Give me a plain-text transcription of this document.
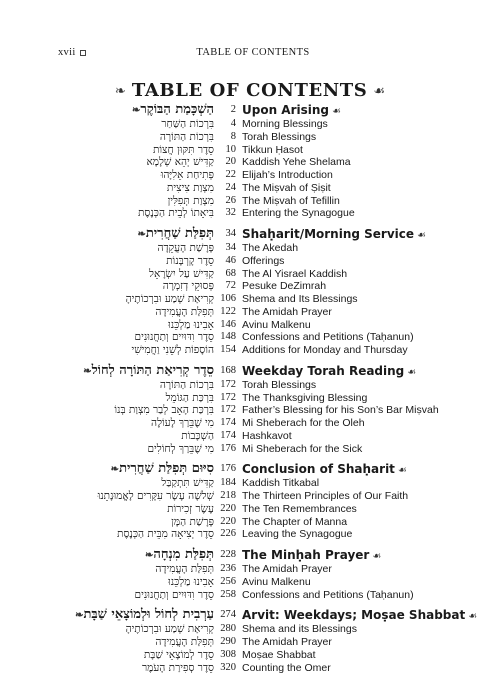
xvii	TABLE OF CONTENTS
❧ TABLE OF CONTENTS ☙
הַשְׁכָּמַת הַבּוֹקֶר❧	2 Upon Arising ☙
בִּרְכוֹת הַשַּׁחַר 4 Morning Blessings
בִּרְכוֹת הַתּוֹרָה 8 Torah Blessings
סֵדֶר תִּקּוּן חֲצוֹת 10 Tikkun Ḥasot
קַדִּישׁ יְהֵא שְׁלָמָא 20 Kaddish Yehe Shelama
פְּתִיחַת אֵלִיָּהוּ 22 Elijah’s Introduction
מִצְוַת צִיצִית 24 The Miṣvah of Ṣiṣit
מִצְוַת תְּפִלִּין 26 The Miṣvah of Tefillin
בִּיאָתוֹ לְבֵית הַכְּנֶסֶת 32 Entering the Synagogue
תְּפִלַּת שַׁחֲרִית❧	34 Shaḥarit/Morning Service ☙
פָּרָשַׁת הָעֲקֵדָה 34 The Akedah
סֵדֶר קָרְבָּנוֹת 46 Offerings
קַדִּישׁ עַל יִשְׂרָאֵל 68 The Al Yisrael Kaddish
פְּסוּקֵי דְזִמְרָה 72 Pesuke DeZimrah
קְרִיאַת שְׁמַע וּבִרְכוֹתֶיהָ 106 Shema and Its Blessings
תְּפִלַּת הָעֲמִידָה 122 The Amidah Prayer
אָבִינוּ מַלְכֵּנוּ 146 Avinu Malkenu
סֵדֶר וִדּוּיִים וְתַחֲנוּנִים 148 Confessions and Petitions (Taḥanun)
הוֹסָפוֹת לְשֵׁנִי וַחֲמִישִׁי 154 Additions for Monday and Thursday
סֵדֶר קְרִיאַת הַתּוֹרָה לְחוֹל❧	168 Weekday Torah Reading ☙
בִּרְכוֹת הַתּוֹרָה 172 Torah Blessings
בִּרְכַּת הַגּוֹמֵל 172 The Thanksgiving Blessing
בִּרְכַּת הָאָב לְבַר מִצְוַת בְּנוֹ 172 Father’s Blessing for his Son’s Bar Miṣvah
מִי שֶׁבֵּרַךְ לָעוֹלֶה 174 Mi Sheberach for the Oleh
הַשְׁכָּבוֹת 174 Hashkavot
מִי שֶׁבֵּרַךְ לְחוֹלִים 176 Mi Sheberach for the Sick
סִיּוּם תְּפִלַּת שַׁחֲרִית❧	176 Conclusion of Shaḥarit ☙
קַדִּישׁ תִּתְקַבַּל 184 Kaddish Titkabal
שְׁלשָׁה עָשָׂר עִקָּרִים לָאֱמוּנָתֵנוּ 218 The Thirteen Principles of Our Faith
עֶשֶׂר זְכִירוֹת 220 The Ten Remembrances
פָּרָשַׁת הַמָּן 220 The Chapter of Manna
סֵדֶר יְצִיאָה מִבֵּית הַכְּנֶסֶת 226 Leaving the Synagogue
תְּפִלַּת מִנְחָה❧	228 The Minḥah Prayer ☙
תְּפִלַּת הָעֲמִידָה 236 The Amidah Prayer
אָבִינוּ מַלְכֵּנוּ 256 Avinu Malkenu
סֵדֶר וִדּוּיִים וְתַחֲנוּנִים 258 Confessions and Petitions (Taḥanun)
עַרְבִית לְחוֹל וּלְמוֹצָאֵי שַׁבָּת❧	274 Arvit: Weekdays; Moṣae Shabbat ☙
קְרִיאַת שְׁמַע וּבִרְכוֹתֶיהָ 280 Shema and its Blessings
תְּפִלַּת הָעֲמִידָה 290 The Amidah Prayer
סֵדֶר לְמוֹצָאֵי שַׁבָּת 308 Moṣae Shabbat
סֵדֶר סְפִירַת הָעֹמֶר 320 Counting the Omer
